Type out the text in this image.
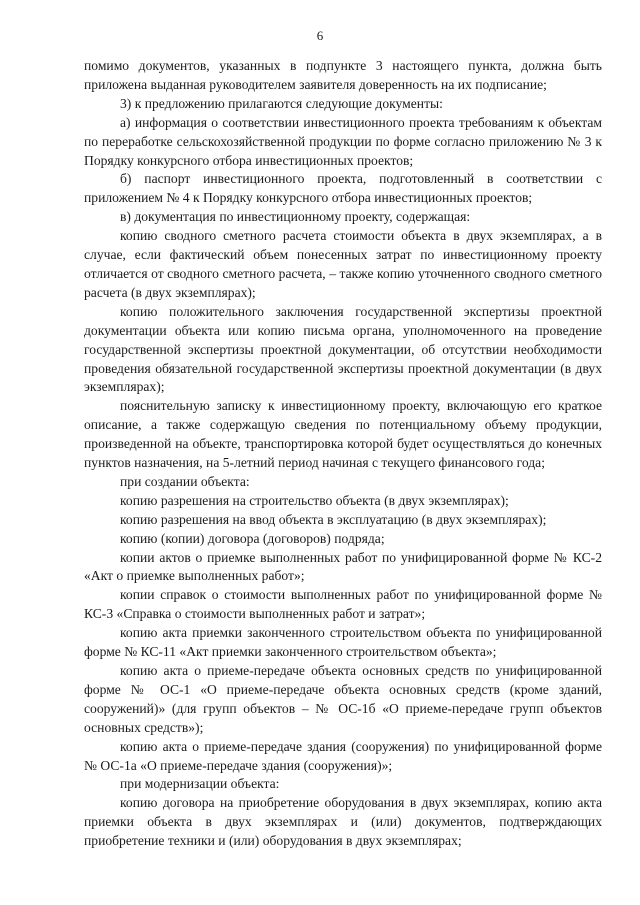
6

помимо документов, указанных в подпункте 3 настоящего пункта, должна быть приложена выданная руководителем заявителя доверенность на их подписание;

3) к предложению прилагаются следующие документы:

а) информация о соответствии инвестиционного проекта требованиям к объектам по переработке сельскохозяйственной продукции по форме согласно приложению № 3 к Порядку конкурсного отбора инвестиционных проектов;

б) паспорт инвестиционного проекта, подготовленный в соответствии с приложением № 4 к Порядку конкурсного отбора инвестиционных проектов;

в) документация по инвестиционному проекту, содержащая:

копию сводного сметного расчета стоимости объекта в двух экземплярах, а в случае, если фактический объем понесенных затрат по инвестиционному проекту отличается от сводного сметного расчета, – также копию уточненного сводного сметного расчета (в двух экземплярах);

копию положительного заключения государственной экспертизы проектной документации объекта или копию письма органа, уполномоченного на проведение государственной экспертизы проектной документации, об отсутствии необходимости проведения обязательной государственной экспертизы проектной документации (в двух экземплярах);

пояснительную записку к инвестиционному проекту, включающую его краткое описание, а также содержащую сведения по потенциальному объему продукции, произведенной на объекте, транспортировка которой будет осуществляться до конечных пунктов назначения, на 5-летний период начиная с текущего финансового года;

при создании объекта:

копию разрешения на строительство объекта (в двух экземплярах);

копию разрешения на ввод объекта в эксплуатацию (в двух экземплярах);

копию (копии) договора (договоров) подряда;

копии актов о приемке выполненных работ по унифицированной форме № КС-2 «Акт о приемке выполненных работ»;

копии справок о стоимости выполненных работ по унифицированной форме № КС-3 «Справка о стоимости выполненных работ и затрат»;

копию акта приемки законченного строительством объекта по унифицированной форме № КС-11 «Акт приемки законченного строительством объекта»;

копию акта о приеме-передаче объекта основных средств по унифицированной форме № ОС-1 «О приеме-передаче объекта основных средств (кроме зданий, сооружений)» (для групп объектов – № ОС-1б «О приеме-передаче групп объектов основных средств»);

копию акта о приеме-передаче здания (сооружения) по унифицированной форме № ОС-1а «О приеме-передаче здания (сооружения)»;

при модернизации объекта:

копию договора на приобретение оборудования в двух экземплярах, копию акта приемки объекта в двух экземплярах и (или) документов, подтверждающих приобретение техники и (или) оборудования в двух экземплярах;
